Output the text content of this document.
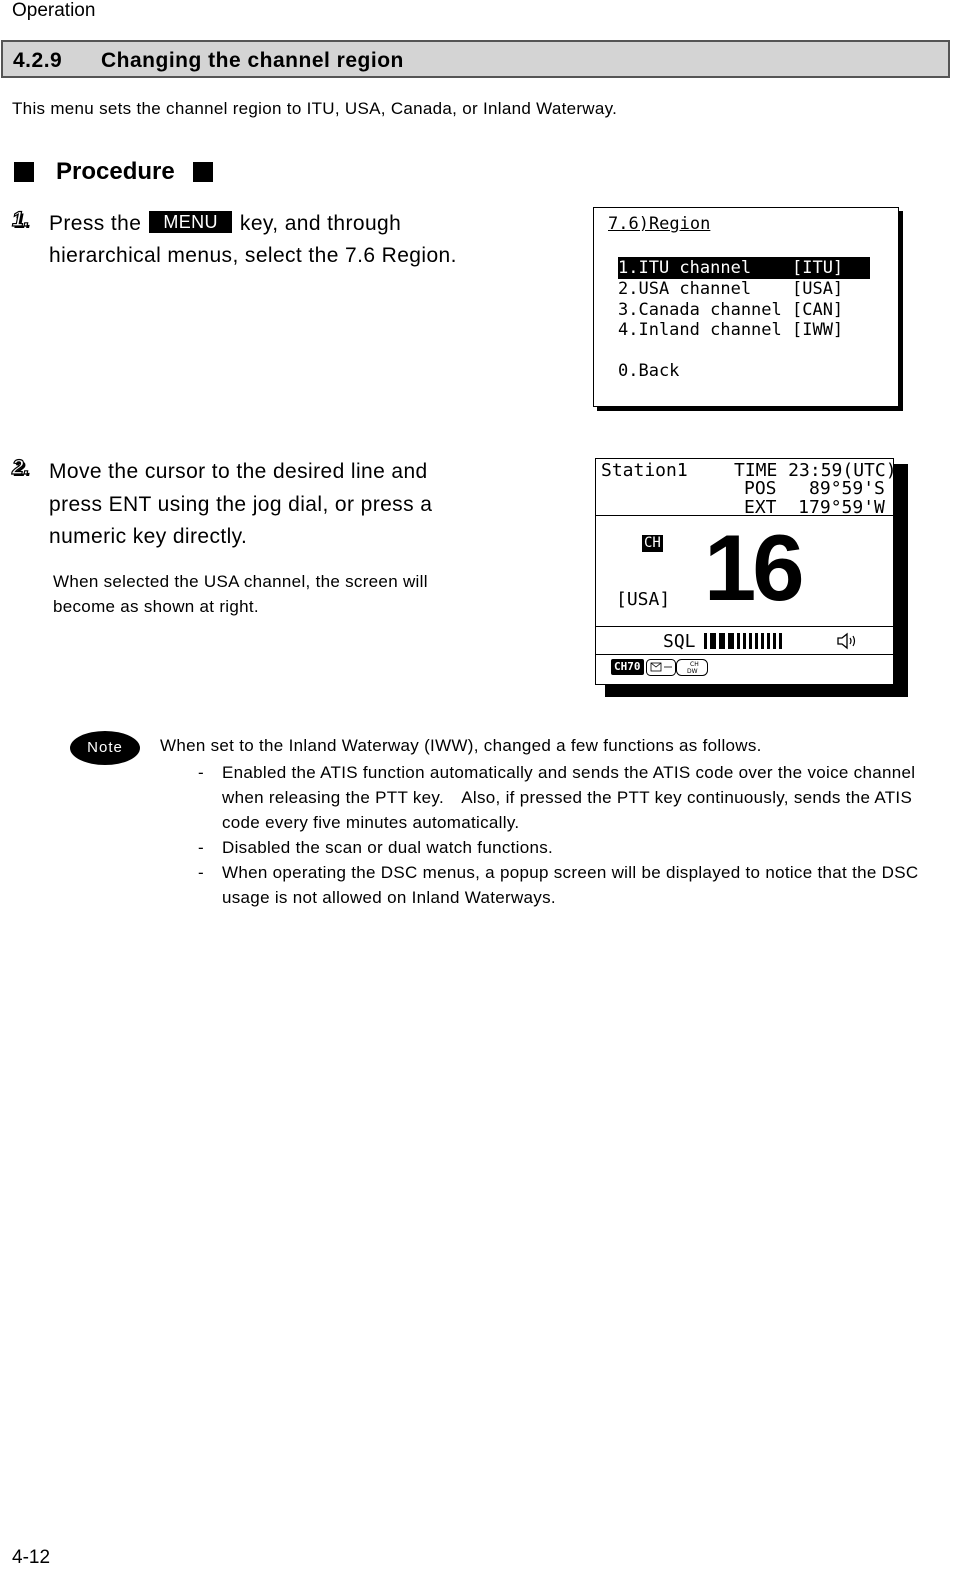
Operation
4.2.9 Changing the channel region
This menu sets the channel region to ITU, USA, Canada, or Inland Waterway.
Procedure
1. Press the MENU key, and through
hierarchical menus, select the 7.6 Region.
7.6)Region
1.ITU channel    [ITU]
2.USA channel    [USA]
3.Canada channel [CAN]
4.Inland channel [IWW]
0.Back
2. Move the cursor to the desired line and
press ENT using the jog dial, or press a
numeric key directly.
When selected the USA channel, the screen will
become as shown at right.
Station1	TIME 23:59(UTC)
POS   89°59'S
EXT  179°59'W
CH 16
[USA]
SQL
CH70	CH
DW
Note	When set to the Inland Waterway (IWW), changed a few functions as follows.
- Enabled the ATIS function automatically and sends the ATIS code over the voice channel when releasing the PTT key.　Also, if pressed the PTT key continuously, sends the ATIS code every five minutes automatically.
- Disabled the scan or dual watch functions.
- When operating the DSC menus, a popup screen will be displayed to notice that the DSC usage is not allowed on Inland Waterways.
4-12
